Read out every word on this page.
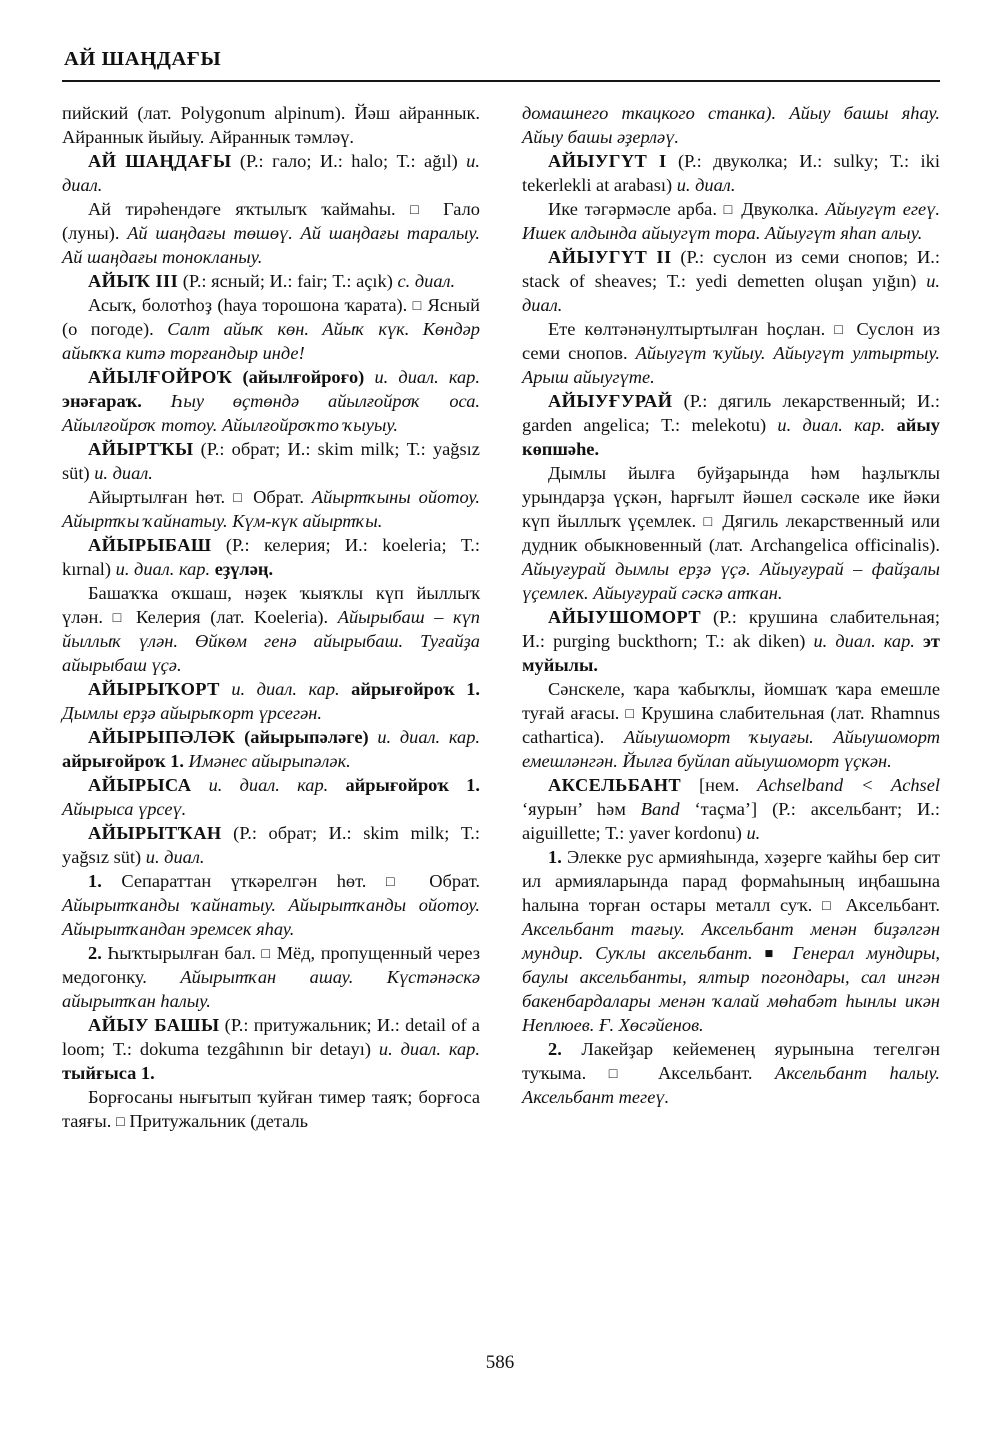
АЙ ШАҢДАҒЫ

пийский (лат. Polygonum alpinum). Йәш айраннык. Айраннык йыйыу. Айраннык тәмләү.

АЙ ШАҢДАҒЫ (Р.: гало; И.: halo; Т.: ağıl) и. диал.

Ай тирәһендәге яҡтылыҡ ҡаймаһы. □	Гало (луны). Ай шаңдағы төшөү. Ай шаңдағы таралыу. Ай шаңдағы тонокланыу.

АЙЫҠ III (Р.: ясный; И.: fair; Т.: açık) с. диал.

Асыҡ, болотһоҙ (һауа торошона ҡарата). □ Ясный (о погоде). Салт айыҡ көн. Айыҡ күк. Көндәр айыҡҡа китә торғандыр инде!

АЙЫЛҒОЙРОҠ (айылғойроғо) и. диал. кар. энәғараҡ. Һыу өҫтөндә айылғойроҡ оса. Айылғойроҡ тотоу. Айылғойроҡто ҡыуыу.

АЙЫРТҠЫ (Р.: обрат; И.: skim milk; Т.: yağsız süt) и. диал.

Айыртылған һөт. □ Обрат. Айыртҡыны ойотоу. Айыртҡы ҡайнатыу. Күм-күк айыртҡы.

АЙЫРЫБАШ (Р.: келерия; И.: koeleria; Т.: kırnal) и. диал. кар. еҙүләң.

Башаҡҡа оҡшаш, нәҙек ҡыяҡлы күп йыллыҡ үлән. □ Келерия (лат. Koeleria). Айырыбаш – күп йыллыҡ үлән. Өйкөм генә айырыбаш. Туғайҙа айырыбаш үҫә.

АЙЫРЫҠОРТ и. диал. кар. айрығойроҡ 1. Дымлы ерҙә айырыҡорт үрсегән.

АЙЫРЫПӘЛӘК (айырыпәләге) и. диал. кар. айрығойроҡ 1. Имәнес айырыпәләк.

АЙЫРЫСА и. диал. кар. айрығойроҡ 1. Айырыса үрсеү.

АЙЫРЫТҠАН (Р.: обрат; И.: skim milk; Т.: yağsız süt) и. диал.

1. Сепараттан үткәрелгән һөт. □	Обрат. Айырытҡанды ҡайнатыу. Айырытҡанды ойотоу. Айырытҡандан эремсек яһау.

2. Һыҡтырылған бал. □ Мёд, пропущенный через медогонку. Айырытҡан ашау. Күстәнәскә айырытҡан һалыу.

АЙЫУ БАШЫ (Р.: притужальник; И.: detail of a loom; Т.: dokuma tezgâhının bir detayı) и. диал. кар. тыйғыса 1.

Борғосаны нығытып ҡуйған тимер таяҡ; борғоса таяғы. □ Притужальник (деталь

домашнего ткацкого станка). Айыу башы яһау. Айыу башы әҙерләү.

АЙЫУГҮТ I (Р.: двуколка; И.: sulky; Т.: iki tekerlekli at arabası) и. диал.

Ике тәгәрмәсле арба. □ Двуколка. Айыугүт егеү. Ишек алдында айыугүт тора. Айыугүт яһап алыу.

АЙЫУГҮТ II (Р.: суслон из семи снопов; И.: stack of sheaves; Т.: yedi demetten oluşan yığın) и. диал.

Ете көлтәнәнултыртылған һоҫлан. □ Суслон из семи снопов. Айыугүт ҡуйыу. Айыугүт ултыртыу. Арыш айыугүте.

АЙЫУҒУРАЙ (Р.: дягиль лекарственный; И.: garden angelica; Т.: melekotu) и. диал. кар. айыу көпшәһе.

Дымлы йылға буйҙарында һәм һаҙлыҡлы урындарҙа үҫкән, һарғылт йәшел сәскәле ике йәки күп йыллыҡ үҫемлек. □ Дягиль лекарственный или дудник обыкновенный (лат. Archangelica officinalis). Айыуғурай дымлы ерҙә үҫә. Айыуғурай – файҙалы үҫемлек. Айыуғурай сәскә атҡан.

АЙЫУШОМОРТ (Р.: крушина слабительная; И.: purging buckthorn; Т.: ak diken) и. диал. кар. эт муйылы.

Сәнскеле, ҡара ҡабыҡлы, йомшаҡ ҡара емешле туғай ағасы. □ Крушина слабительная (лат. Rhamnus cathartica). Айыушоморт ҡыуағы. Айыушоморт емешләнгән. Йылға буйлап айыушоморт үҫкән.

АКСЕЛЬБАНТ [нем. Achselband < Achsel ‘яурын’ һәм Band ‘таҫма’] (Р.: аксельбант; И.: aiguillette; Т.: yaver kordonu) и.

1. Элекке рус армияһында, хәҙерге ҡайһы бер сит ил армияларында парад формаһының иңбашына һалына торған остары металл суҡ. □ Аксельбант. Аксельбант тағыу. Аксельбант менән биҙәлгән мундир. Суҡлы аксельбант. ■ Генерал мундиры, баулы аксельбанты, ялтыр погондары, сал ингән бакенбардалары менән ҡалай мөһабәт һынлы икән Неплюев. Ғ. Хөсәйенов.

2. Лакейҙар кейеменең яурынына тегелгән туҡыма. □	Аксельбант. Аксельбант һалыу. Аксельбант тегеү.

586
